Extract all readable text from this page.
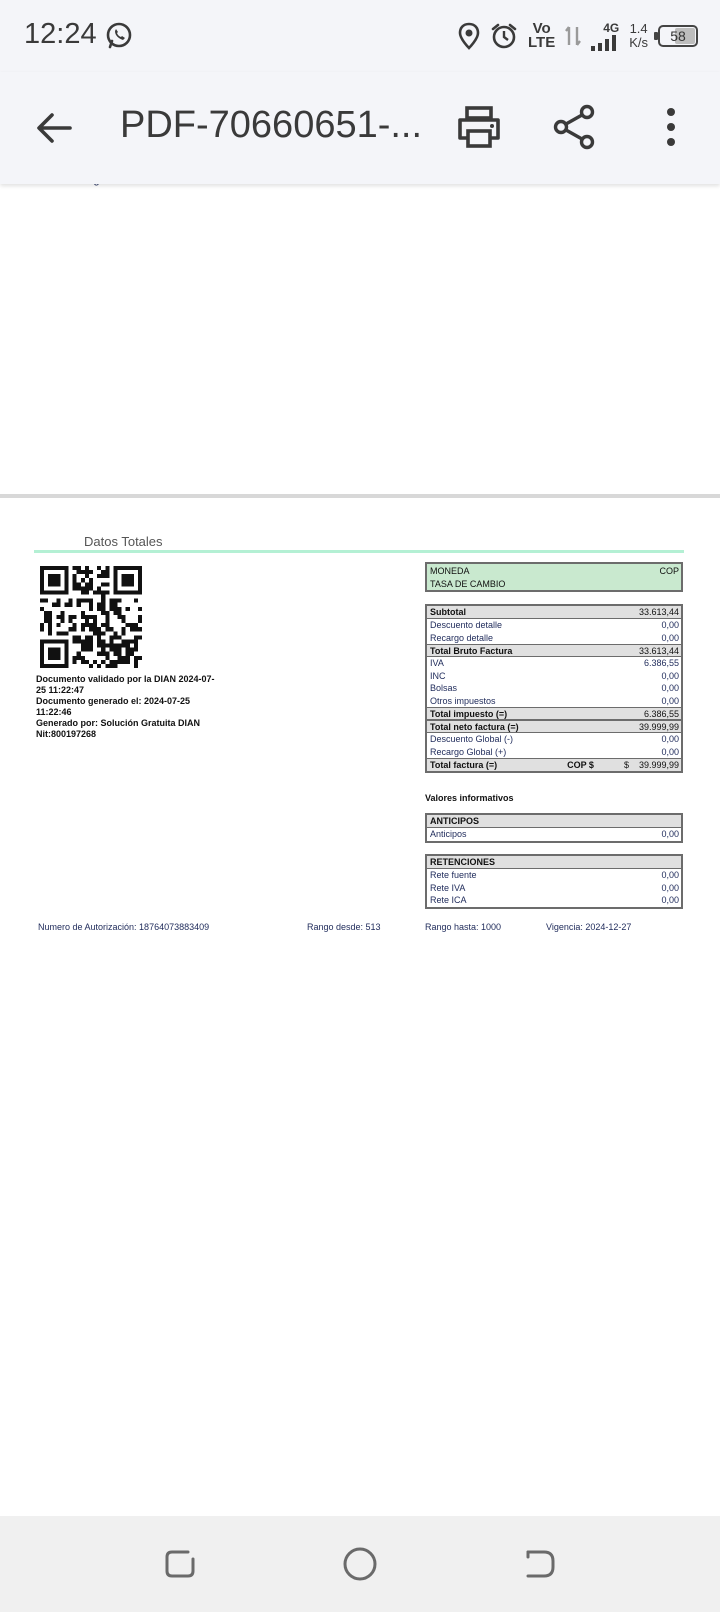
12:24	Vo
LTE
4G 1.4
K/s	58
PDF-70660651-...
Datos Totales
Documento validado por la DIAN 2024-07-25 11:22:47
Documento generado el: 2024-07-25 11:22:46
Generado por: Solución Gratuita DIAN Nit:800197268
MONEDA	COP
TASA DE CAMBIO
Subtotal	33.613,44
Descuento detalle	0,00
Recargo detalle	0,00
Total Bruto Factura	33.613,44
IVA	6.386,55
INC	0,00
Bolsas	0,00
Otros impuestos	0,00
Total impuesto (=)	6.386,55
Total neto factura (=)	39.999,99
Descuento Global (-)	0,00
Recargo Global (+)	0,00
Total factura (=)	COP $	$ 39.999,99
Valores informativos
ANTICIPOS
Anticipos	0,00
RETENCIONES
Rete fuente	0,00
Rete IVA	0,00
Rete ICA	0,00
Numero de Autorización: 18764073883409	Rango desde: 513	Rango hasta: 1000	Vigencia: 2024-12-27
